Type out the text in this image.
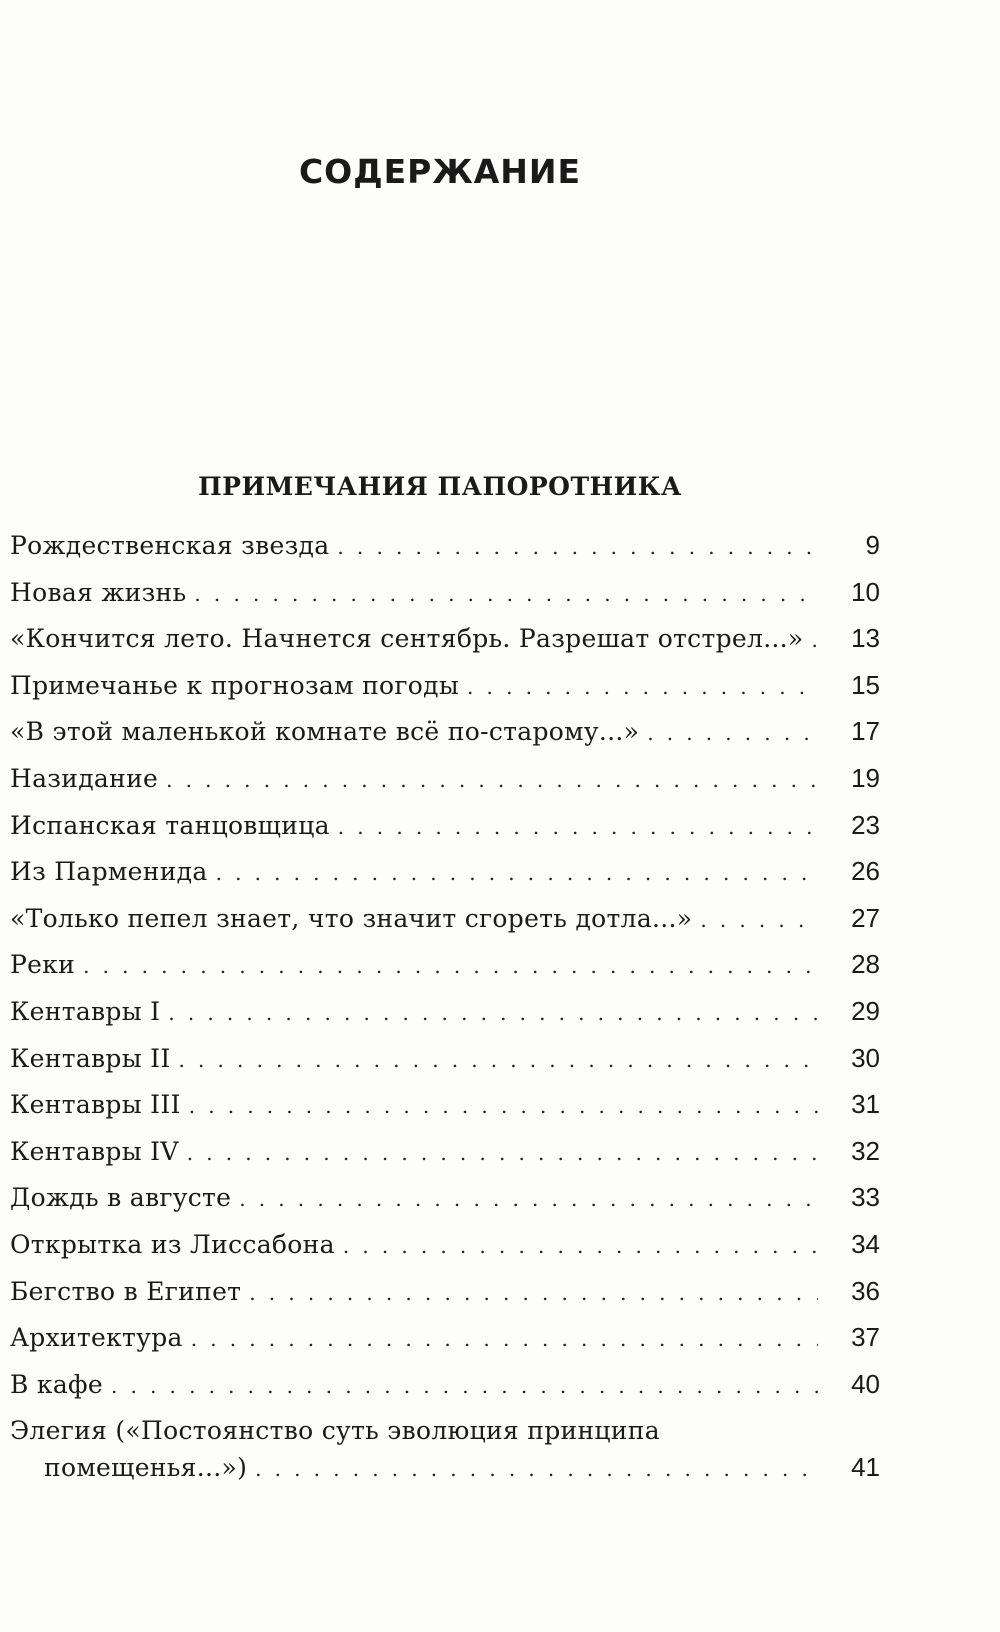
СОДЕРЖАНИЕ
ПРИМЕЧАНИЯ ПАПОРОТНИКА
Рождественская звезда . . .	9
Новая жизнь . . .	10
«Кончится лето. Начнется сентябрь. Разрешат отстрел...» . . .	13
Примечанье к прогнозам погоды . . .	15
«В этой маленькой комнате всё по-старому...» . . .	17
Назидание . . .	19
Испанская танцовщица . . .	23
Из Парменида . . .	26
«Только пепел знает, что значит сгореть дотла...» . . .	27
Реки . . .	28
Кентавры I . . .	29
Кентавры II . . .	30
Кентавры III . . .	31
Кентавры IV . . .	32
Дождь в августе . . .	33
Открытка из Лиссабона . . .	34
Бегство в Египет . . .	36
Архитектура . . .	37
В кафе . . .	40
Элегия («Постоянство суть эволюция принципа
помещенья...») . . .	41
